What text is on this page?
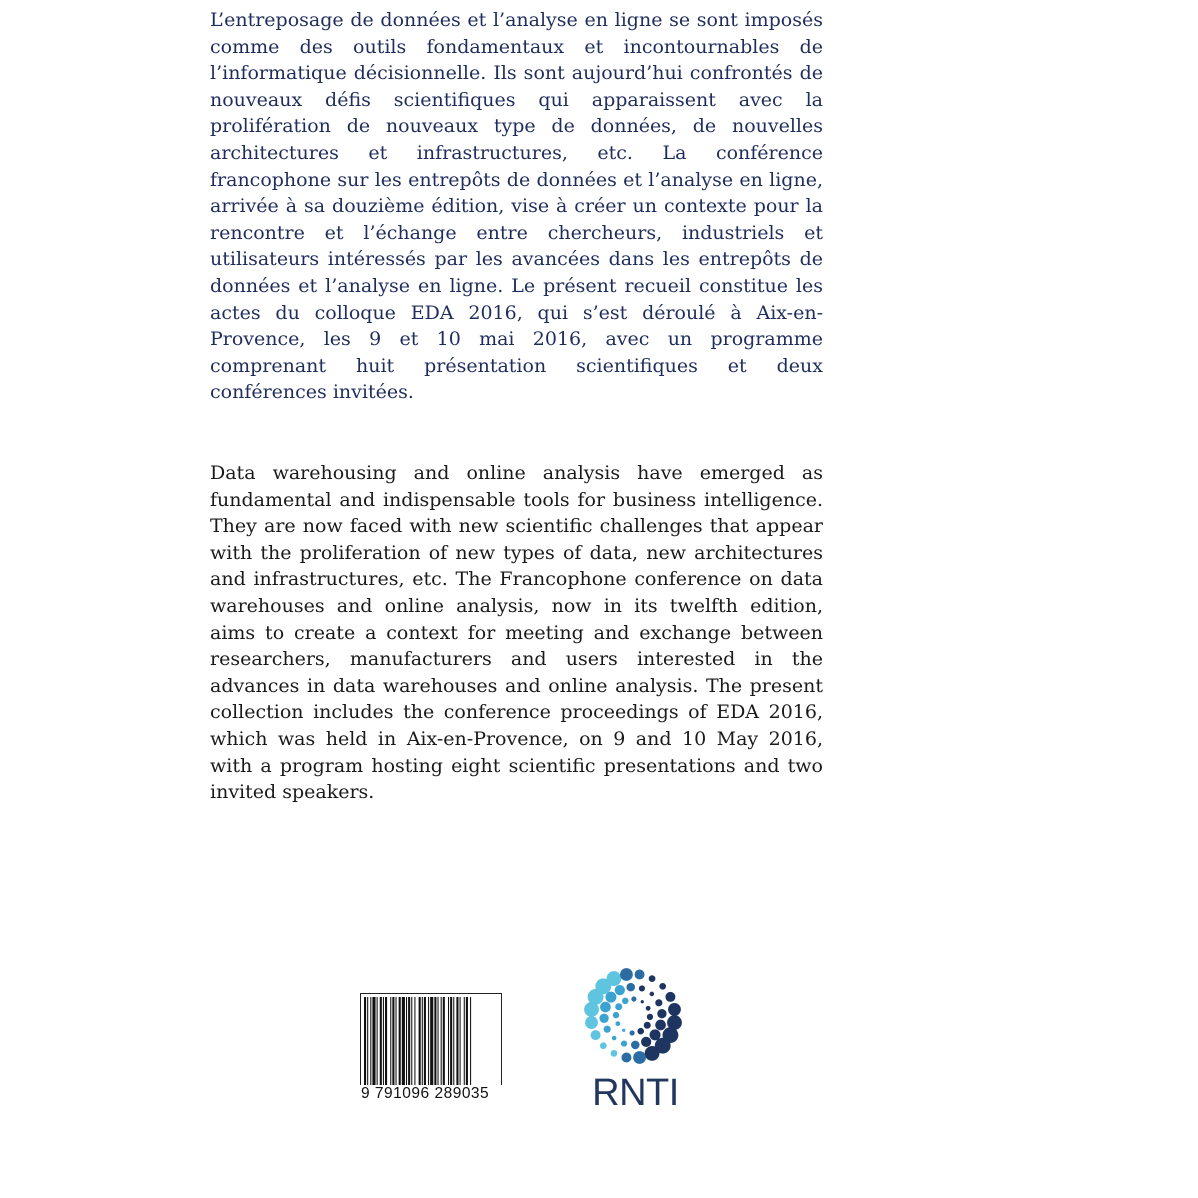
L’entreposage de données et l’analyse en ligne se sont imposés comme des outils fondamentaux et incontournables de l’informatique décisionnelle. Ils sont aujourd’hui confrontés de nouveaux défis scientifiques qui apparaissent avec la prolifération de nouveaux type de données, de nouvelles architectures et infrastructures, etc. La conférence francophone sur les entrepôts de données et l’analyse en ligne, arrivée à sa douzième édition, vise à créer un contexte pour la rencontre et l’échange entre chercheurs, industriels et utilisateurs intéressés par les avancées dans les entrepôts de données et l’analyse en ligne. Le présent recueil constitue les actes du colloque EDA 2016, qui s’est déroulé à Aix-en-Provence, les 9 et 10 mai 2016, avec un programme comprenant huit présentation scientifiques et deux conférences invitées.

Data warehousing and online analysis have emerged as fundamental and indispensable tools for business intelligence. They are now faced with new scientific challenges that appear with the proliferation of new types of data, new architectures and infrastructures, etc. The Francophone conference on data warehouses and online analysis, now in its twelfth edition, aims to create a context for meeting and exchange between researchers, manufacturers and users interested in the advances in data warehouses and online analysis. The present collection includes the conference proceedings of EDA 2016, which was held in Aix-en-Provence, on 9 and 10 May 2016, with a program hosting eight scientific presentations and two invited speakers.

9 791096 289035	RNTI
